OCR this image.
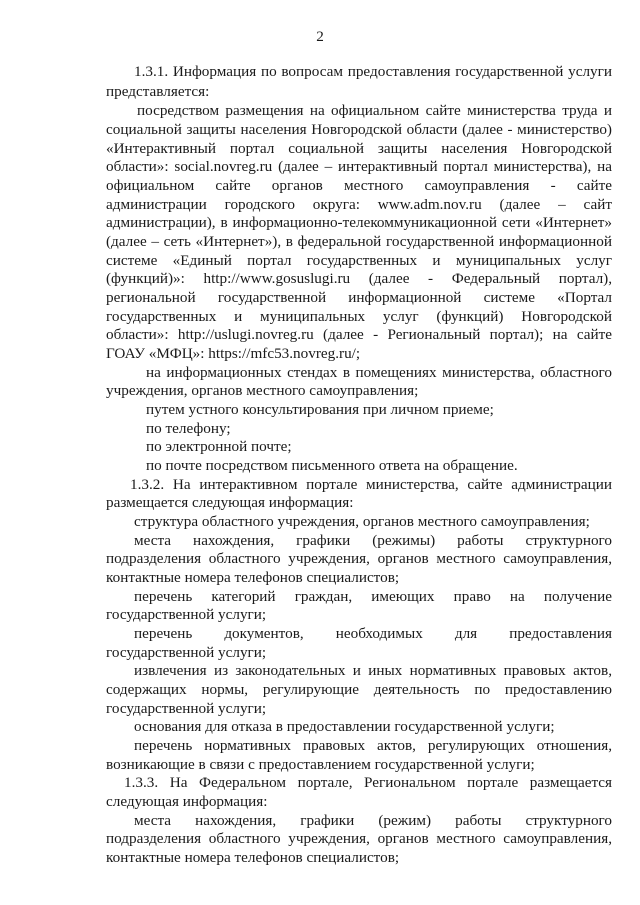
2
1.3.1. Информация по вопросам предоставления государственной услуги
представляется:
посредством размещения на официальном сайте министерства труда и
социальной защиты населения Новгородской области (далее - министерство)
«Интерактивный портал социальной защиты населения Новгородской
области»: social.novreg.ru (далее – интерактивный портал министерства), на
официальном сайте органов местного самоуправления - сайте
администрации городского округа: www.adm.nov.ru (далее – сайт
администрации), в информационно-телекоммуникационной сети «Интернет»
(далее – сеть «Интернет»), в федеральной государственной информационной
системе «Единый портал государственных и муниципальных услуг
(функций)»: http://www.gosuslugi.ru (далее - Федеральный портал),
региональной государственной информационной системе «Портал
государственных и муниципальных услуг (функций) Новгородской
области»: http://uslugi.novreg.ru (далее - Региональный портал); на сайте
ГОАУ «МФЦ»: https://mfc53.novreg.ru/;
на информационных стендах в помещениях министерства, областного
учреждения, органов местного самоуправления;
путем устного консультирования при личном приеме;
по телефону;
по электронной почте;
по почте посредством письменного ответа на обращение.
1.3.2. На интерактивном портале министерства, сайте администрации
размещается следующая информация:
структура областного учреждения, органов местного самоуправления;
места нахождения, графики (режимы) работы структурного
подразделения областного учреждения, органов местного самоуправления,
контактные номера телефонов специалистов;
перечень категорий граждан, имеющих право на получение
государственной услуги;
перечень документов, необходимых для предоставления
государственной услуги;
извлечения из законодательных и иных нормативных правовых актов,
содержащих нормы, регулирующие деятельность по предоставлению
государственной услуги;
основания для отказа в предоставлении государственной услуги;
перечень нормативных правовых актов, регулирующих отношения,
возникающие в связи с предоставлением государственной услуги;
1.3.3. На Федеральном портале, Региональном портале размещается
следующая информация:
места нахождения, графики (режим) работы структурного
подразделения областного учреждения, органов местного самоуправления,
контактные номера телефонов специалистов;
